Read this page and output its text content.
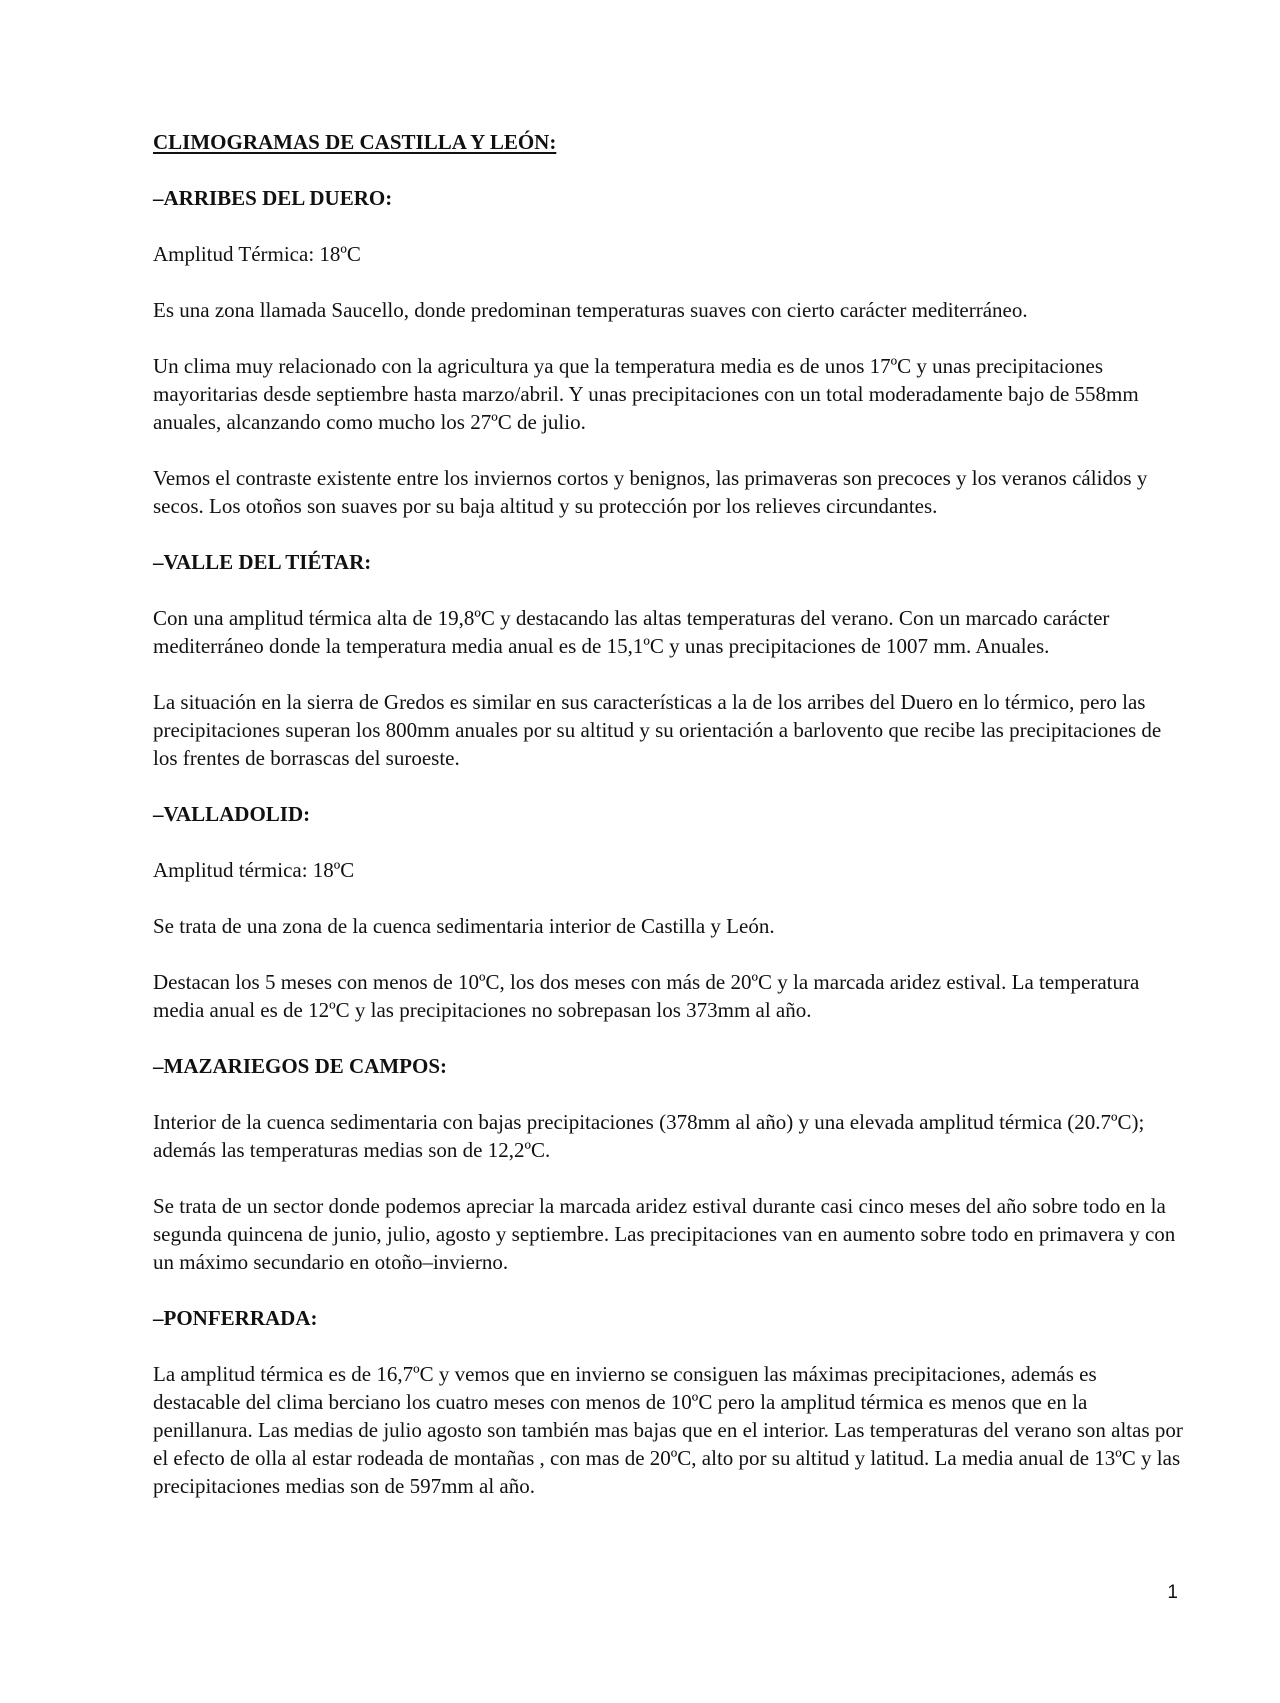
CLIMOGRAMAS DE CASTILLA Y LEÓN:
–ARRIBES DEL DUERO:

Amplitud Térmica: 18ºC

Es una zona llamada Saucello, donde predominan temperaturas suaves con cierto carácter mediterráneo.

Un clima muy relacionado con la agricultura ya que la temperatura media es de unos 17ºC y unas precipitaciones mayoritarias desde septiembre hasta marzo/abril. Y unas precipitaciones con un total moderadamente bajo de 558mm anuales, alcanzando como mucho los 27ºC de julio.

Vemos el contraste existente entre los inviernos cortos y benignos, las primaveras son precoces y los veranos cálidos y secos. Los otoños son suaves por su baja altitud y su protección por los relieves circundantes.

–VALLE DEL TIÉTAR:

Con una amplitud térmica alta de 19,8ºC y destacando las altas temperaturas del verano. Con un marcado carácter mediterráneo donde la temperatura media anual es de 15,1ºC y unas precipitaciones de 1007 mm. Anuales.

La situación en la sierra de Gredos es similar en sus características a la de los arribes del Duero en lo térmico, pero las precipitaciones superan los 800mm anuales por su altitud y su orientación a barlovento que recibe las precipitaciones de los frentes de borrascas del suroeste.

–VALLADOLID:

Amplitud térmica: 18ºC

Se trata de una zona de la cuenca sedimentaria interior de Castilla y León.

Destacan los 5 meses con menos de 10ºC, los dos meses con más de 20ºC y la marcada aridez estival. La temperatura media anual es de 12ºC y las precipitaciones no sobrepasan los 373mm al año.

–MAZARIEGOS DE CAMPOS:

Interior de la cuenca sedimentaria con bajas precipitaciones (378mm al año) y una elevada amplitud térmica (20.7ºC); además las temperaturas medias son de 12,2ºC.

Se trata de un sector donde podemos apreciar la marcada aridez estival durante casi cinco meses del año sobre todo en la segunda quincena de junio, julio, agosto y septiembre. Las precipitaciones van en aumento sobre todo en primavera y con un máximo secundario en otoño–invierno.

–PONFERRADA:

La amplitud térmica es de 16,7ºC y vemos que en invierno se consiguen las máximas precipitaciones, además es destacable del clima berciano los cuatro meses con menos de 10ºC pero la amplitud térmica es menos que en la penillanura. Las medias de julio agosto son también mas bajas que en el interior. Las temperaturas del verano son altas por el efecto de olla al estar rodeada de montañas , con mas de 20ºC, alto por su altitud y latitud. La media anual de 13ºC y las precipitaciones medias son de 597mm al año.

1
